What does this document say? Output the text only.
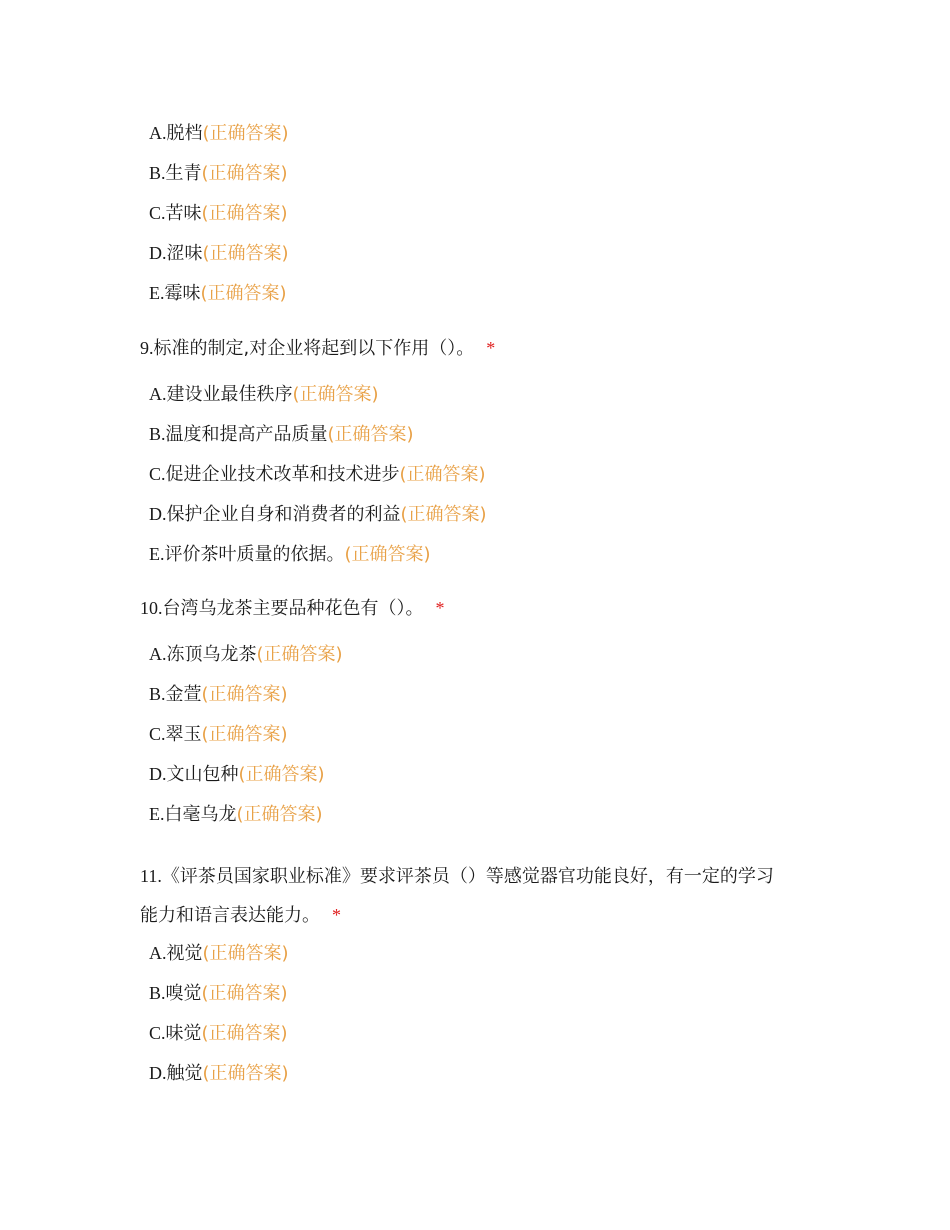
A.脱档(正确答案)
B.生青(正确答案)
C.苦味(正确答案)
D.涩味(正确答案)
E.霉味(正确答案)
9.标准的制定,对企业将起到以下作用（）。 *
A.建设业最佳秩序(正确答案)
B.温度和提高产品质量(正确答案)
C.促进企业技术改革和技术进步(正确答案)
D.保护企业自身和消费者的利益(正确答案)
E.评价茶叶质量的依据。(正确答案)
10.台湾乌龙茶主要品种花色有（）。 *
A.冻顶乌龙茶(正确答案)
B.金萱(正确答案)
C.翠玉(正确答案)
D.文山包种(正确答案)
E.白毫乌龙(正确答案)
11.《评茶员国家职业标准》要求评茶员（）等感觉器官功能良好，有一定的学习
能力和语言表达能力。 *
A.视觉(正确答案)
B.嗅觉(正确答案)
C.味觉(正确答案)
D.触觉(正确答案)
